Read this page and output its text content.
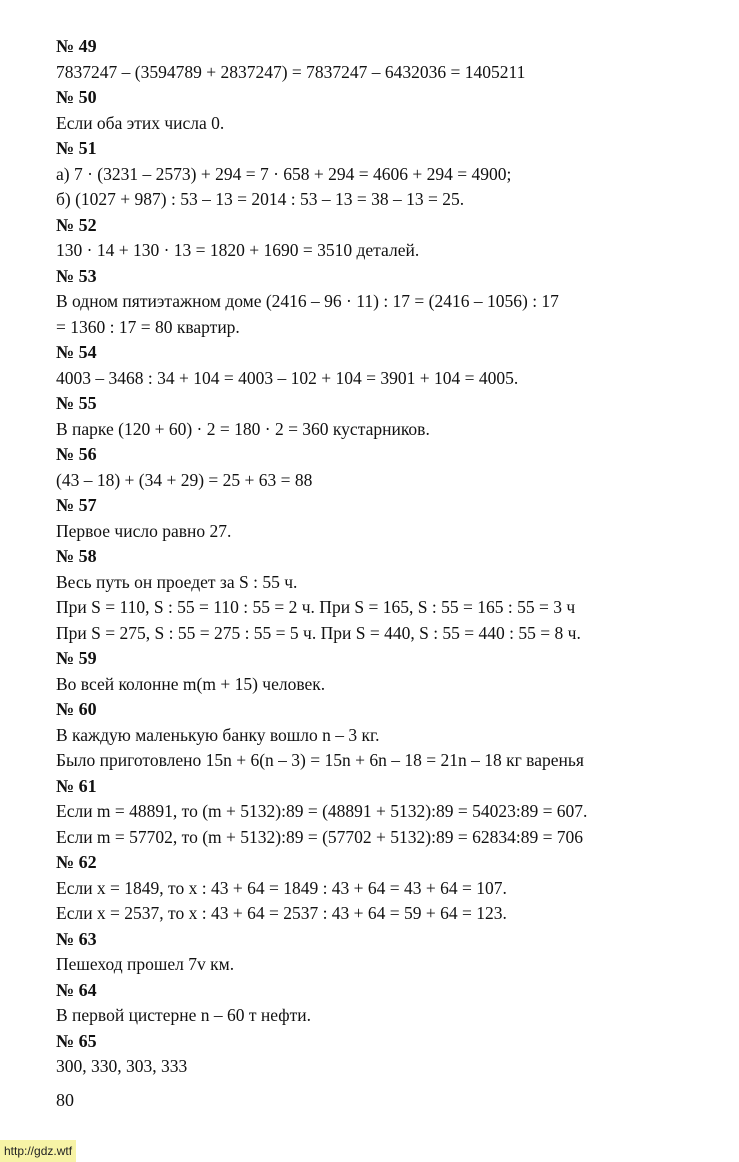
№ 49
7837247 – (3594789 + 2837247) = 7837247 – 6432036 = 1405211
№ 50
Если оба этих числа 0.
№ 51
а) 7 · (3231 – 2573) + 294 = 7 · 658 + 294 = 4606 + 294 = 4900;
б) (1027 + 987) : 53 – 13 = 2014 : 53 – 13 = 38 – 13 = 25.
№ 52
130 · 14 + 130 · 13 = 1820 + 1690 = 3510 деталей.
№ 53
В одном пятиэтажном доме (2416 – 96 · 11) : 17 = (2416 – 1056) : 17
= 1360 : 17 = 80 квартир.
№ 54
4003 – 3468 : 34 + 104 = 4003 – 102 + 104 = 3901 + 104 = 4005.
№ 55
В парке (120 + 60) · 2 = 180 · 2 = 360 кустарников.
№ 56
(43 – 18) + (34 + 29) = 25 + 63 = 88
№ 57
Первое число равно 27.
№ 58
Весь путь он проедет за S : 55 ч.
При S = 110, S : 55 = 110 : 55 = 2 ч. При S = 165, S : 55 = 165 : 55 = 3 ч
При S = 275, S : 55 = 275 : 55 = 5 ч. При S = 440, S : 55 = 440 : 55 = 8 ч.
№ 59
Во всей колонне m(m + 15) человек.
№ 60
В каждую маленькую банку вошло n – 3 кг.
Было приготовлено 15n + 6(n – 3) = 15n + 6n – 18 = 21n – 18 кг варенья
№ 61
Если m = 48891, то (m + 5132):89 = (48891 + 5132):89 = 54023:89 = 607.
Если m = 57702, то (m + 5132):89 = (57702 + 5132):89 = 62834:89 = 706
№ 62
Если x = 1849, то x : 43 + 64 = 1849 : 43 + 64 = 43 + 64 = 107.
Если x = 2537, то x : 43 + 64 = 2537 : 43 + 64 = 59 + 64 = 123.
№ 63
Пешеход прошел 7v км.
№ 64
В первой цистерне n – 60 т нефти.
№ 65
300, 330, 303, 333
80
http://gdz.wtf
